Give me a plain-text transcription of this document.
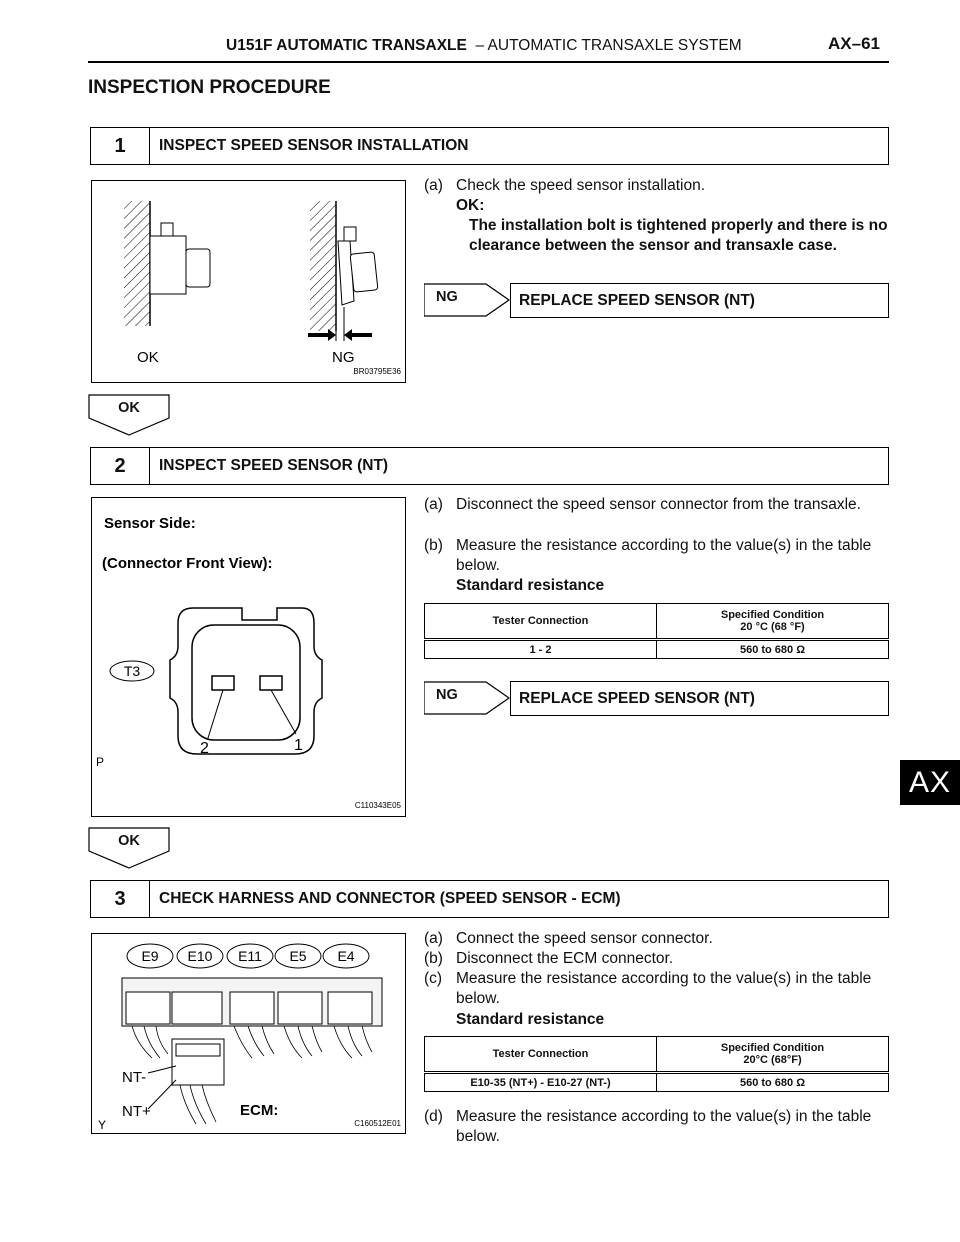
U151F AUTOMATIC TRANSAXLE – AUTOMATIC TRANSAXLE SYSTEM	AX–61
INSPECTION PROCEDURE
1	INSPECT SPEED SENSOR INSTALLATION
OK	NG
BR03795E36
(a) Check the speed sensor installation.
OK:
The installation bolt is tightened properly and there is no clearance between the sensor and transaxle case.
NG	REPLACE SPEED SENSOR (NT)
OK
2	INSPECT SPEED SENSOR (NT)
Sensor Side:
(Connector Front View):
T3
2	1
P
C110343E05
(a) Disconnect the speed sensor connector from the transaxle.
(b) Measure the resistance according to the value(s) in the table below.
Standard resistance
Tester Connection	Specified Condition
20 °C (68 °F)
1 - 2	560 to 680 Ω
NG	REPLACE SPEED SENSOR (NT)
OK
3	CHECK HARNESS AND CONNECTOR (SPEED SENSOR - ECM)
E9 E10 E11 E5 E4
NT-
NT+	ECM:
Y	C160512E01
(a) Connect the speed sensor connector.
(b) Disconnect the ECM connector.
(c) Measure the resistance according to the value(s) in the table below.
Standard resistance
Tester Connection	Specified Condition
20°C (68°F)
E10-35 (NT+) - E10-27 (NT-)	560 to 680 Ω
(d) Measure the resistance according to the value(s) in the table below.
AX
